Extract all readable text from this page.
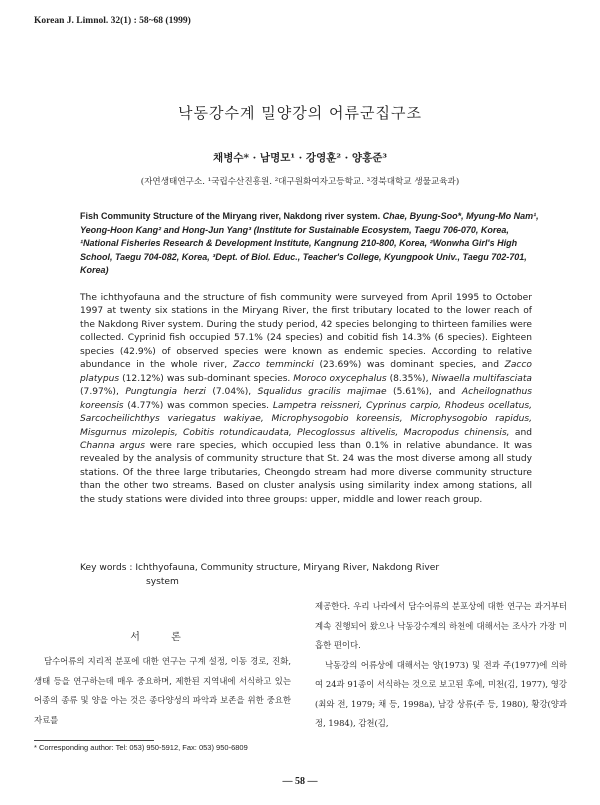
Korean J. Limnol. 32(1) : 58~68 (1999)
낙동강수계 밀양강의 어류군집구조
채병수* · 남명모¹ · 강영훈² · 양홍준³
(자연생태연구소. ¹국립수산진흥원. ²대구원화여자고등학교. ³경북대학교 생물교육과)
Fish Community Structure of the Miryang river, Nakdong river system. Chae, Byung-Soo*, Myung-Mo Nam¹, Yeong-Hoon Kang² and Hong-Jun Yang³ (Institute for Sustainable Ecosystem, Taegu 706-070, Korea, ¹National Fisheries Research & Development Institute, Kangnung 210-800, Korea, ²Wonwha Girl's High School, Taegu 704-082, Korea, ³Dept. of Biol. Educ., Teacher's College, Kyungpook Univ., Taegu 702-701, Korea)
The ichthyofauna and the structure of fish community were surveyed from April 1995 to October 1997 at twenty six stations in the Miryang River, the first tributary located to the lower reach of the Nakdong River system. During the study period, 42 species belonging to thirteen families were collected. Cyprinid fish occupied 57.1% (24 species) and cobitid fish 14.3% (6 species). Eighteen species (42.9%) of observed species were known as endemic species. According to relative abundance in the whole river, Zacco temmincki (23.69%) was dominant species, and Zacco platypus (12.12%) was sub-dominant species. Moroco oxycephalus (8.35%), Niwaella multifasciata (7.97%), Pungtungia herzi (7.04%), Squalidus gracilis majimae (5.61%), and Acheilognathus koreensis (4.77%) was common species. Lampetra reissneri, Cyprinus carpio, Rhodeus ocellatus, Sarcocheilichthys variegatus wakiyae, Microphysogobio koreensis, Microphysogobio rapidus, Misgurnus mizolepis, Cobitis rotundicaudata, Plecoglossus altivelis, Macropodus chinensis, and Channa argus were rare species, which occupied less than 0.1% in relative abundance. It was revealed by the analysis of community structure that St. 24 was the most diverse among all study stations. Of the three large tributaries, Cheongdo stream had more diverse community structure than the other two streams. Based on cluster analysis using similarity index among stations, all the study stations were divided into three groups: upper, middle and lower reach group.
Key words : Ichthyofauna, Community structure, Miryang River, Nakdong River
system
서 론

담수어류의 지리적 분포에 대한 연구는 구계 설정, 이동 경로, 진화, 생태 등을 연구하는데 매우 중요하며, 제한된 지역내에 서식하고 있는 어종의 종류 및 양을 아는 것은 종다양성의 파악과 보존을 위한 중요한 자료를

제공한다. 우리 나라에서 담수어류의 분포상에 대한 연구는 과거부터 계속 진행되어 왔으나 낙동강수계의 하천에 대해서는 조사가 가장 미흡한 편이다.

낙동강의 어류상에 대해서는 양(1973) 및 전과 주(1977)에 의하여 24과 91종이 서식하는 것으로 보고된 후에, 미천(김, 1977), 영강(최와 전, 1979; 채 등, 1998a), 남강 상류(주 등, 1980), 황강(양과 정, 1984), 감천(김,

* Corresponding author: Tel: 053) 950-5912, Fax: 053) 950-6809
— 58 —
